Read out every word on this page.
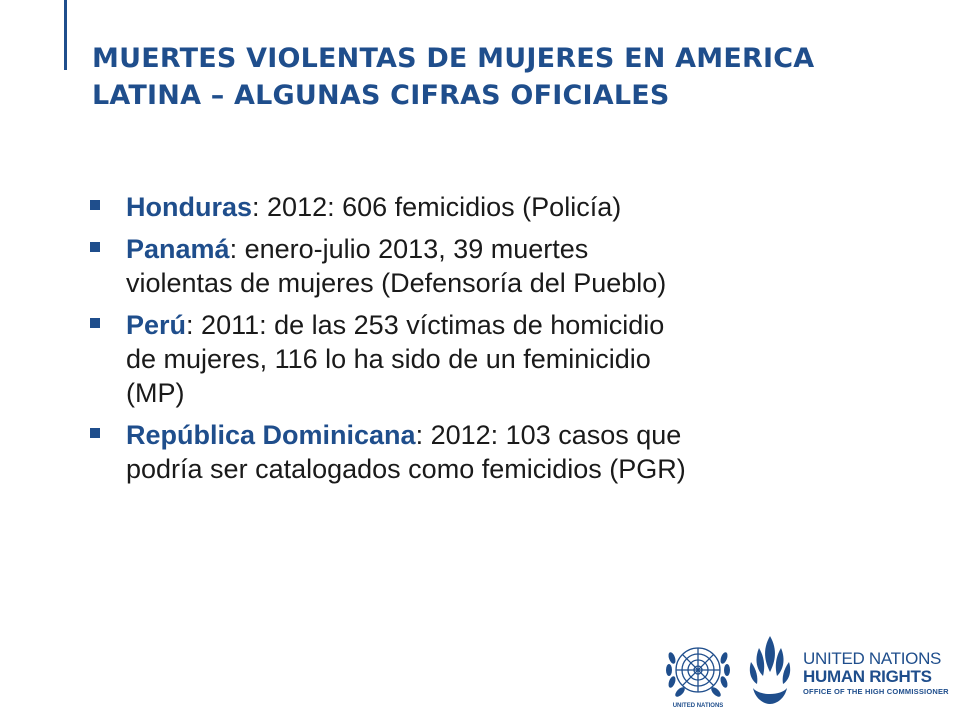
MUERTES VIOLENTAS DE MUJERES EN AMERICA
LATINA – ALGUNAS CIFRAS OFICIALES
Honduras: 2012: 606 femicidios (Policía)
Panamá: enero-julio 2013, 39 muertes
violentas de mujeres (Defensoría del Pueblo)
Perú: 2011: de las 253 víctimas de homicidio
de mujeres, 116 lo ha sido de un feminicidio
(MP)
República Dominicana: 2012: 103 casos que
podría ser catalogados como femicidios (PGR)
UNITED NATIONS
UNITED NATIONS
HUMAN RIGHTS
OFFICE OF THE HIGH COMMISSIONER
